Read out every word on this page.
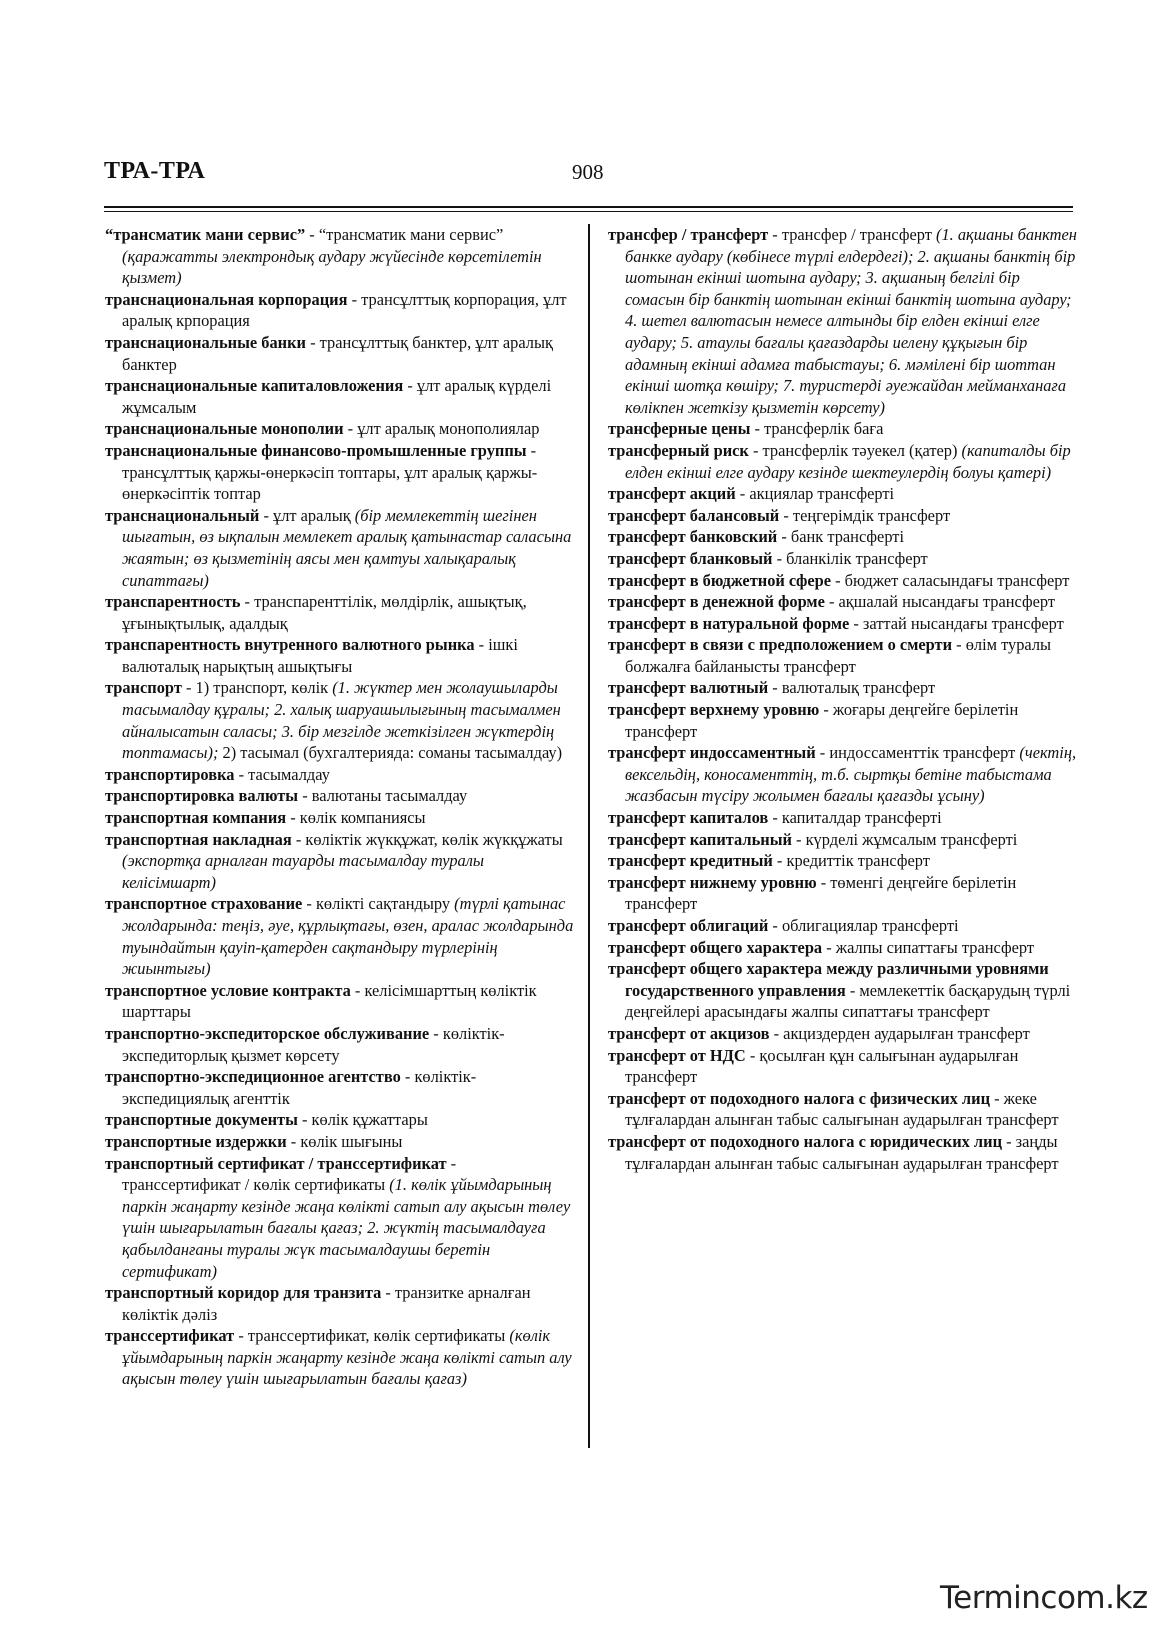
ТРА-ТРА	908

“трансматик мани сервис” - “трансматик мани сервис” (қаражатты электрондық аудару жүйесінде көрсетілетін қызмет)

транснациональная корпорация - трансұлттық корпорация, ұлт аралық крпорация

транснациональные банки - трансұлттық банктер, ұлт аралық банктер

транснациональные капиталовложения - ұлт аралық күрделі жұмсалым

транснациональные монополии - ұлт аралық монополиялар

транснациональные финансово-промышленные группы - трансұлттық қаржы-өнеркәсіп топтары, ұлт аралық қаржы-өнеркәсіптік топтар

транснациональный - ұлт аралық (бір мемлекеттің шегінен шығатын, өз ықпалын мемлекет аралық қатынастар саласына жаятын; өз қызметінің аясы мен қамтуы халықаралық сипаттағы)

транспарентность - транспаренттілік, мөлдірлік, ашықтық, ұғынықтылық, адалдық

транспарентность внутренного валютного рынка - ішкі валюталық нарықтың ашықтығы

транспорт - 1) транспорт, көлік (1. жүктер мен жолаушыларды тасымалдау құралы; 2. халық шаруашылығының тасымалмен айналысатын саласы; 3. бір мезгілде жеткізілген жүктердің топтамасы); 2) тасымал (бухгалтерияда: соманы тасымалдау)

транспортировка - тасымалдау

транспортировка валюты - валютаны тасымалдау

транспортная компания - көлік компаниясы

транспортная накладная - көліктік жүкқұжат, көлік жүкқұжаты (экспортқа арналған тауарды тасымалдау туралы келісімшарт)

транспортное страхование - көлікті сақтандыру (түрлі қатынас жолдарында: теңіз, әуе, құрлықтағы, өзен, аралас жолдарында туындайтын қауіп-қатерден сақтандыру түрлерінің жиынтығы)

транспортное условие контракта - келісімшарттың көліктік шарттары

транспортно-экспедиторское обслуживание - көліктік-экспедиторлық қызмет көрсету

транспортно-экспедиционное агентство - көліктік-экспедициялық агенттік

транспортные документы - көлік құжаттары

транспортные издержки - көлік шығыны

транспортный сертификат / транссертификат - транссертификат / көлік сертификаты (1. көлік ұйымдарының паркін жаңарту кезінде жаңа көлікті сатып алу ақысын төлеу үшін шығарылатын бағалы қағаз; 2. жүктің тасымалдауға қабылданғаны туралы жүк тасымалдаушы беретін сертификат)

транспортный коридор для транзита - транзитке арналған көліктік дәліз

транссертификат - транссертификат, көлік сертификаты (көлік ұйымдарының паркін жаңарту кезінде жаңа көлікті сатып алу ақысын төлеу үшін шығарылатын бағалы қағаз)

трансфер / трансферт - трансфер / трансферт (1. ақшаны банктен банкке аудару (көбінесе түрлі елдердегі); 2. ақшаны банктің бір шотынан екінші шотына аудару; 3. ақшаның белгілі бір сомасын бір банктің шотынан екінші банктің шотына аудару; 4. шетел валютасын немесе алтынды бір елден екінші елге аудару; 5. атаулы бағалы қағаздарды иелену құқығын бір адамның екінші адамға табыстауы; 6. мәмілені бір шоттан екінші шотқа көшіру; 7. туристерді әуежайдан мейманханаға көлікпен жеткізу қызметін көрсету)

трансферные цены - трансферлік баға

трансферный риск - трансферлік тәуекел (қатер) (капиталды бір елден екінші елге аудару кезінде шектеулердің болуы қатері)

трансферт акций - акциялар трансферті

трансферт балансовый - теңгерімдік трансферт

трансферт банковский - банк трансферті

трансферт бланковый - бланкілік трансферт

трансферт в бюджетной сфере - бюджет саласындағы трансферт

трансферт в денежной форме - ақшалай нысандағы трансферт

трансферт в натуральной форме - заттай нысандағы трансферт

трансферт в связи с предположением о смерти - өлім туралы болжалға байланысты трансферт

трансферт валютный - валюталық трансферт

трансферт верхнему уровню - жоғары деңгейге берілетін трансферт

трансферт индоссаментный - индоссаменттік трансферт (чектің, вексельдің, коносаменттің, т.б. сыртқы бетіне табыстама жазбасын түсіру жолымен бағалы қағазды ұсыну)

трансферт капиталов - капиталдар трансферті

трансферт капитальный - күрделі жұмсалым трансферті

трансферт кредитный - кредиттік трансферт

трансферт нижнему уровню - төменгі деңгейге берілетін трансферт

трансферт облигаций - облигациялар трансферті

трансферт общего характера - жалпы сипаттағы трансферт

трансферт общего характера между различными уровнями государственного управления - мемлекеттік басқарудың түрлі деңгейлері арасындағы жалпы сипаттағы трансферт

трансферт от акцизов - акциздерден аударылған трансферт

трансферт от НДС - қосылған құн салығынан аударылған трансферт

трансферт от подоходного налога с физических лиц - жеке тұлғалардан алынған табыс салығынан аударылған трансферт

трансферт от подоходного налога с юридических лиц - заңды тұлғалардан алынған табыс салығынан аударылған трансферт

Termincom.kz
